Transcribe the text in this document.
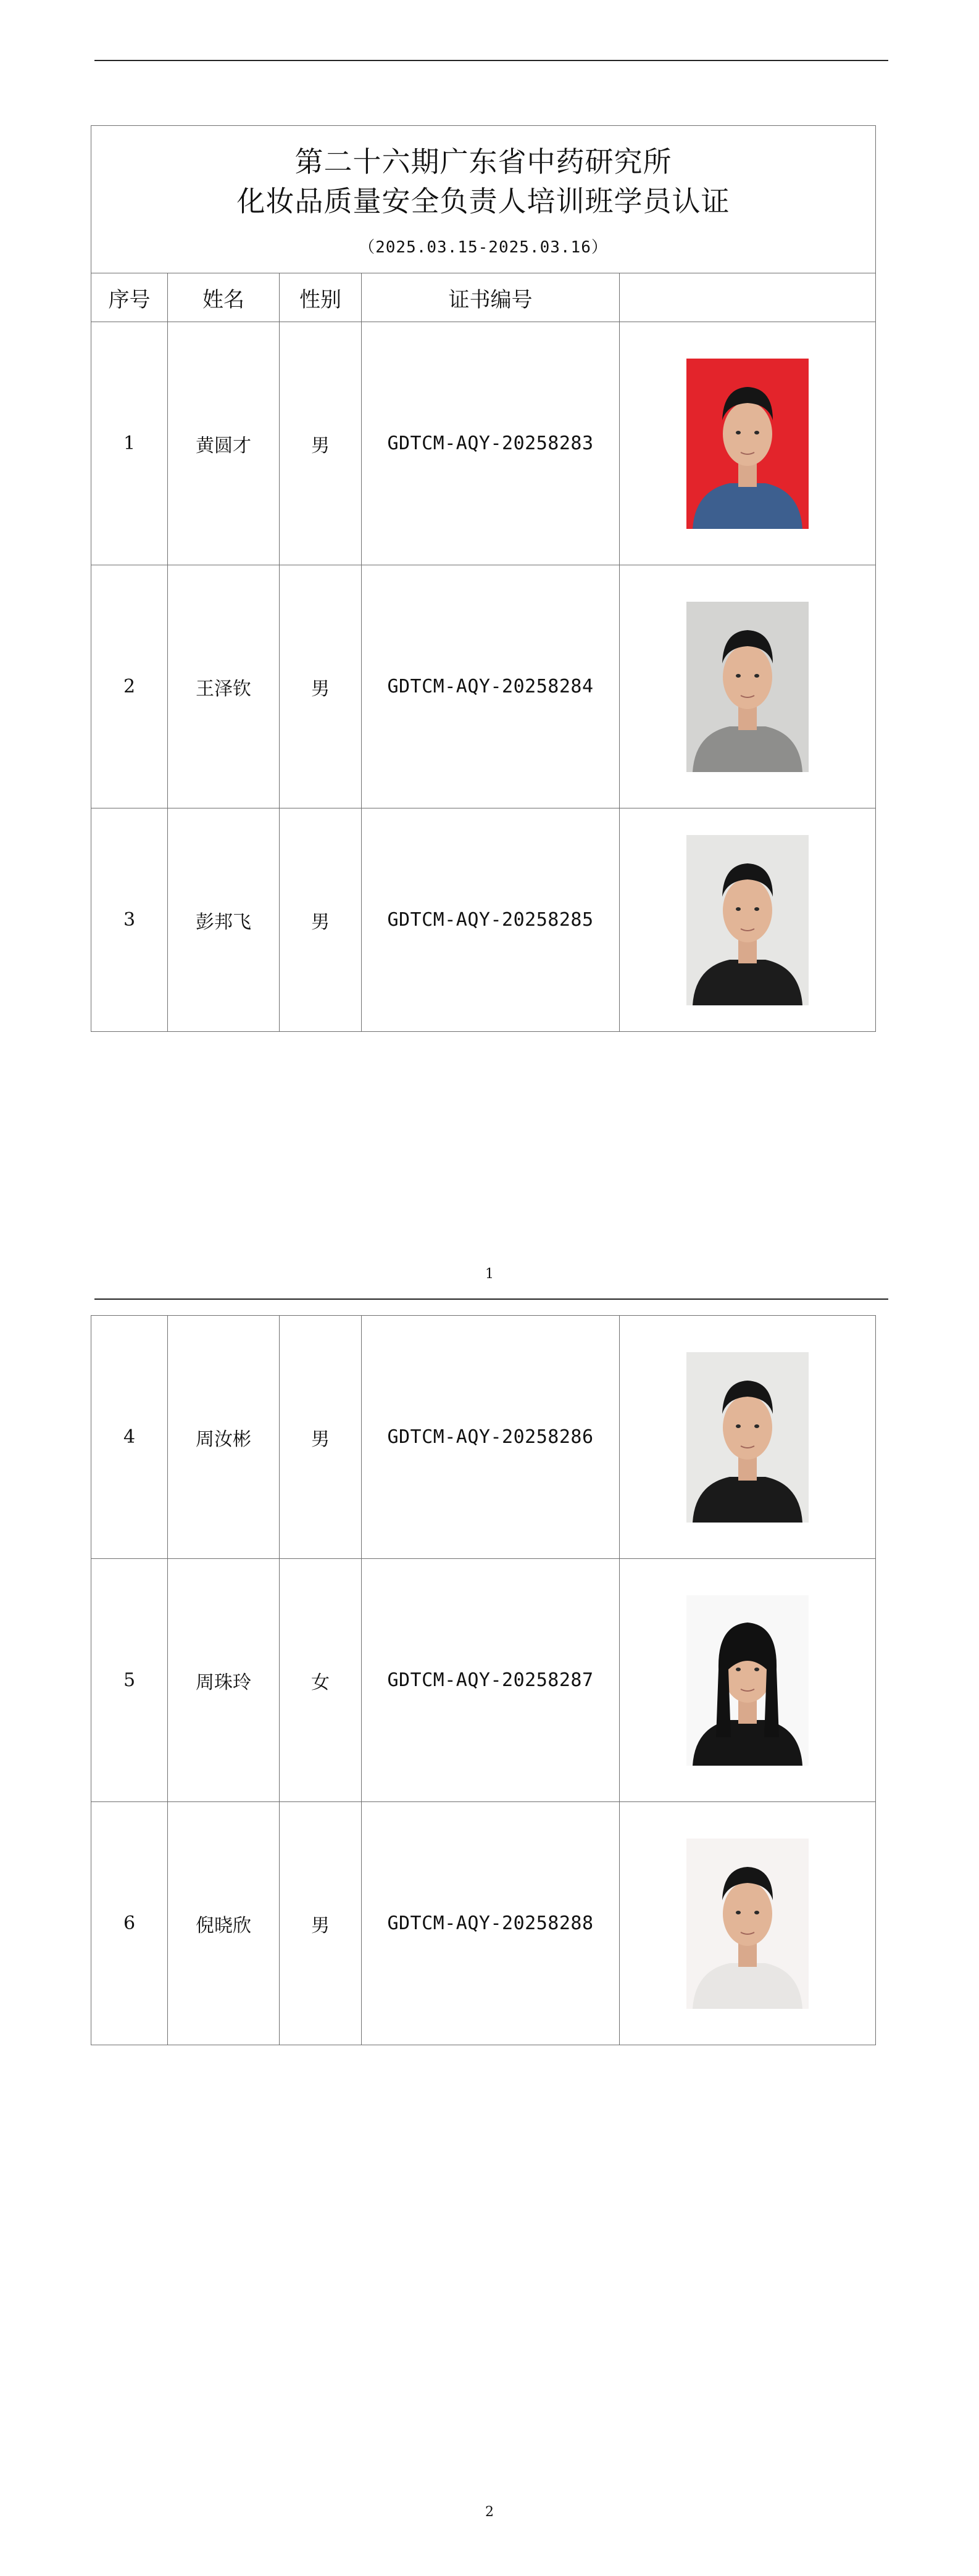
第二十六期广东省中药研究所
化妆品质量安全负责人培训班学员认证
（2025.03.15-2025.03.16）				

序号	姓名	性别	证书编号	
1	黄圆才	男	GDTCM-AQY-20258283	

2	王泽钦	男	GDTCM-AQY-20258284	

3	彭邦飞	男	GDTCM-AQY-20258285	
1
4	周汝彬	男	GDTCM-AQY-20258286	

5	周珠玲	女	GDTCM-AQY-20258287	

6	倪晓欣	男	GDTCM-AQY-20258288	
2
